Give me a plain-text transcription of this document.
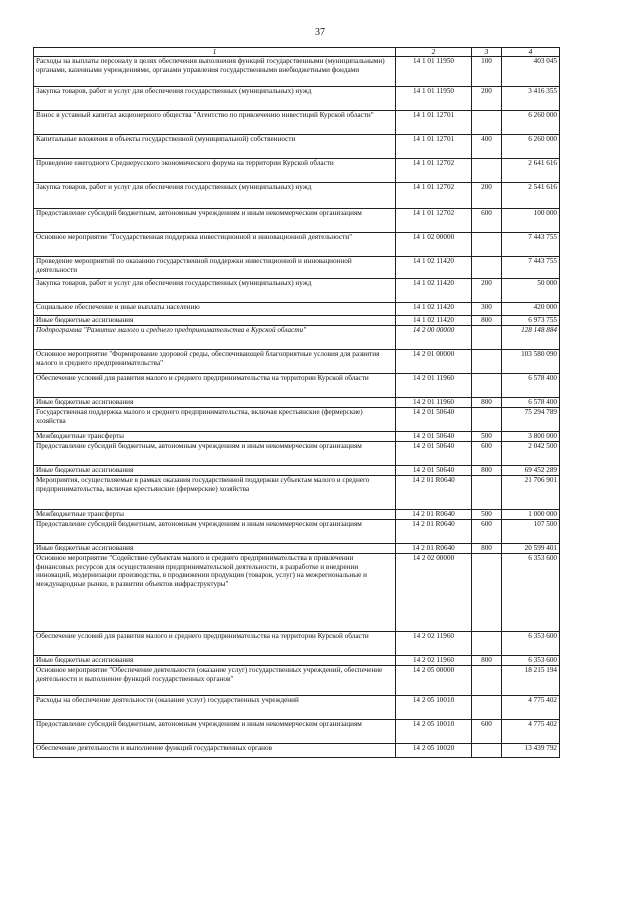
37
1	2	3	4
Расходы на выплаты персоналу в целях обеспечения выполнения функций государственными (муниципальными) органами, казенными учреждениями, органами управления государственными внебюджетными фондами	14 1 01 11950	100	403 045
Закупка товаров, работ и услуг для обеспечения государственных (муниципальных) нужд	14 1 01 11950	200	3 416 355
Взнос в уставный капитал акционерного общества "Агентство по привлечению инвестиций Курской области"	14 1 01 12701		6 260 000
Капитальные вложения в объекты государственной (муниципальной) собственности	14 1 01 12701	400	6 260 000
Проведение ежегодного Среднерусского экономического форума на территории Курской области	14 1 01 12702		2 641 616
Закупка товаров, работ и услуг для обеспечения государственных (муниципальных) нужд	14 1 01 12702	200	2 541 616
Предоставление субсидий бюджетным, автономным учреждениям и иным некоммерческим организациям	14 1 01 12702	600	100 000
Основное мероприятие "Государственная поддержка инвестиционной и инновационной деятельности"	14 1 02 00000		7 443 755
Проведение мероприятий по оказанию государственной поддержки инвестиционной и инновационной деятельности	14 1 02 11420		7 443 755
Закупка товаров, работ и услуг для обеспечения государственных (муниципальных) нужд	14 1 02 11420	200	50 000
Социальное обеспечение и иные выплаты населению	14 1 02 11420	300	420 000
Иные бюджетные ассигнования	14 1 02 11420	800	6 973 755
Подпрограмма "Развитие малого и среднего предпринимательства в Курской области"	14 2 00 00000		128 148 884
Основное мероприятие "Формирование здоровой среды, обеспечивающей благоприятные условия для развития малого и среднего предпринимательства"	14 2 01 00000		103 580 090
Обеспечение условий для развития малого и среднего предпринимательства на территории Курской области	14 2 01 11960		6 578 400
Иные бюджетные ассигнования	14 2 01 11960	800	6 578 400
Государственная поддержка малого и среднего предпринимательства, включая крестьянские (фермерские) хозяйства	14 2 01 50640		75 294 789
Межбюджетные трансферты	14 2 01 50640	500	3 800 000
Предоставление субсидий бюджетным, автономным учреждениям и иным некоммерческим организациям	14 2 01 50640	600	2 042 500
Иные бюджетные ассигнования	14 2 01 50640	800	69 452 289
Мероприятия, осуществляемые в рамках оказания государственной поддержки субъектам малого и среднего предпринимательства, включая крестьянские (фермерские) хозяйства	14 2 01 R0640		21 706 901
Межбюджетные трансферты	14 2 01 R0640	500	1 000 000
Предоставление субсидий бюджетным, автономным учреждениям и иным некоммерческим организациям	14 2 01 R0640	600	107 500
Иные бюджетные ассигнования	14 2 01 R0640	800	20 599 401
Основное мероприятие "Содействие субъектам малого и среднего предпринимательства в привлечении финансовых ресурсов для осуществления предпринимательской деятельности, в разработке и внедрении инноваций, модернизации производства, в продвижении продукции (товаров, услуг) на межрегиональные и международные рынки, в развитии объектов инфраструктуры"	14 2 02 00000		6 353 600
Обеспечение условий для развития малого и среднего предпринимательства на территории Курской области	14 2 02 11960		6 353 600
Иные бюджетные ассигнования	14 2 02 11960	800	6 353 600
Основное мероприятие "Обеспечение деятельности (оказание услуг) государственных учреждений, обеспечение деятельности и выполнение функций государственных органов"	14 2 05 00000		18 215 194
Расходы на обеспечение деятельности (оказание услуг) государственных учреждений	14 2 05 10010		4 775 402
Предоставление субсидий бюджетным, автономным учреждениям и иным некоммерческим организациям	14 2 05 10010	600	4 775 402
Обеспечение деятельности и выполнение функций государственных органов	14 2 05 10020		13 439 792
